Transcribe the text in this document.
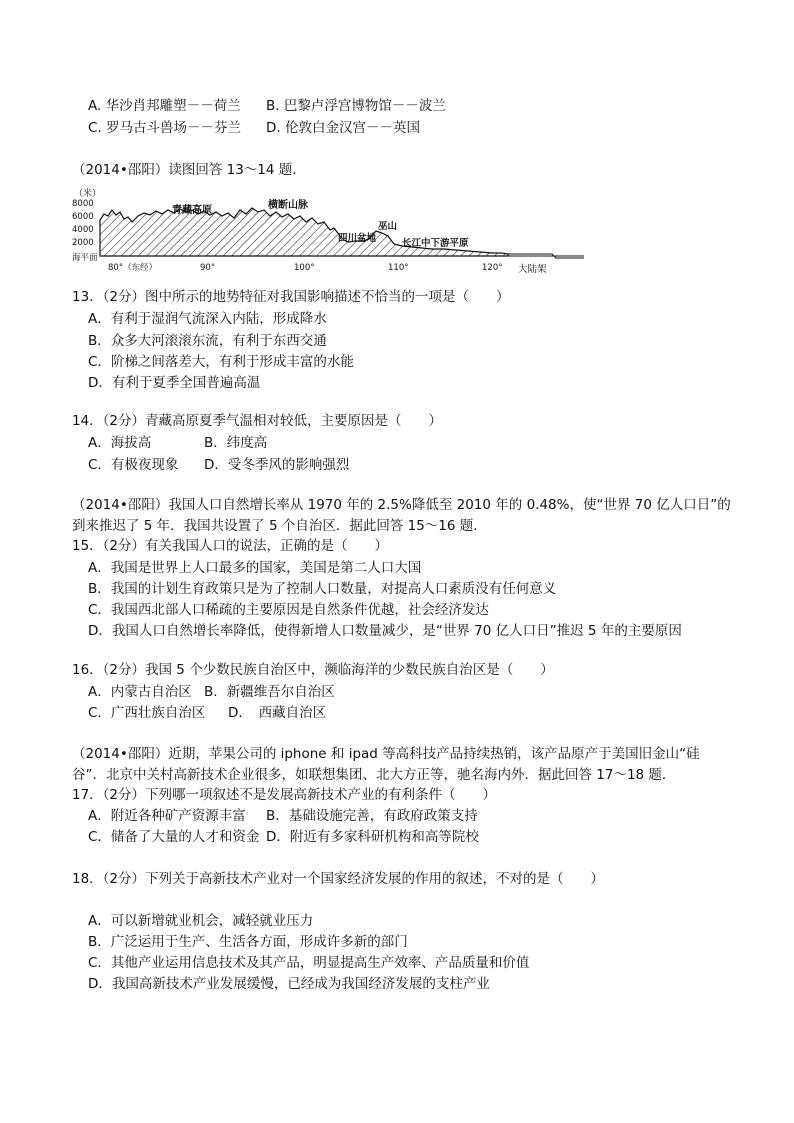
A. 华沙肖邦雕塑－－荷兰 B. 巴黎卢浮宫博物馆－－波兰
C. 罗马古斗兽场－－芬兰 D. 伦敦白金汉宫－－英国
（2014•邵阳）读图回答 13～14 题．
（米）
8000
6000
4000
2000
海平面
青藏高原	横断山脉
四川盆地
巫山
长江中下游平原
大陆架
80°（东经）	90°	100°	110°	120°
13．（2分）图中所示的地势特征对我国影响描述不恰当的一项是（　　）
A．有利于湿润气流深入内陆，形成降水
B．众多大河滚滚东流，有利于东西交通
C．阶梯之间落差大，有利于形成丰富的水能
D．有利于夏季全国普遍高温
14．（2分）青藏高原夏季气温相对较低，主要原因是（　　）
A．海拔高	B．纬度高
C．有极夜现象 D．受冬季风的影响强烈
（2014•邵阳）我国人口自然增长率从 1970 年的 2.5%降低至 2010 年的 0.48%，使“世界 70 亿人口日”的
到来推迟了 5 年．我国共设置了 5 个自治区．据此回答 15～16 题．
15．（2分）有关我国人口的说法，正确的是（　　）
A．我国是世界上人口最多的国家，美国是第二人口大国
B．我国的计划生育政策只是为了控制人口数量，对提高人口素质没有任何意义
C．我国西北部人口稀疏的主要原因是自然条件优越，社会经济发达
D．我国人口自然增长率降低，使得新增人口数量减少，是“世界 70 亿人口日”推迟 5 年的主要原因
16．（2分）我国 5 个少数民族自治区中，濒临海洋的少数民族自治区是（　　）
A．内蒙古自治区 B．新疆维吾尔自治区
C．广西壮族自治区 D．　西藏自治区
（2014•邵阳）近期，苹果公司的 iphone 和 ipad 等高科技产品持续热销，该产品原产于美国旧金山“硅
谷”．北京中关村高新技术企业很多，如联想集团、北大方正等，驰名海内外．据此回答 17～18 题．
17．（2分）下列哪一项叙述不是发展高新技术产业的有利条件（　　）
A．附近各种矿产资源丰富 B．基础设施完善，有政府政策支持
C．储备了大量的人才和资金 D．附近有多家科研机构和高等院校
18．（2分）下列关于高新技术产业对一个国家经济发展的作用的叙述，不对的是（　　）
A．可以新增就业机会，减轻就业压力
B．广泛运用于生产、生活各方面，形成许多新的部门
C．其他产业运用信息技术及其产品，明显提高生产效率、产品质量和价值
D．我国高新技术产业发展缓慢，已经成为我国经济发展的支柱产业
